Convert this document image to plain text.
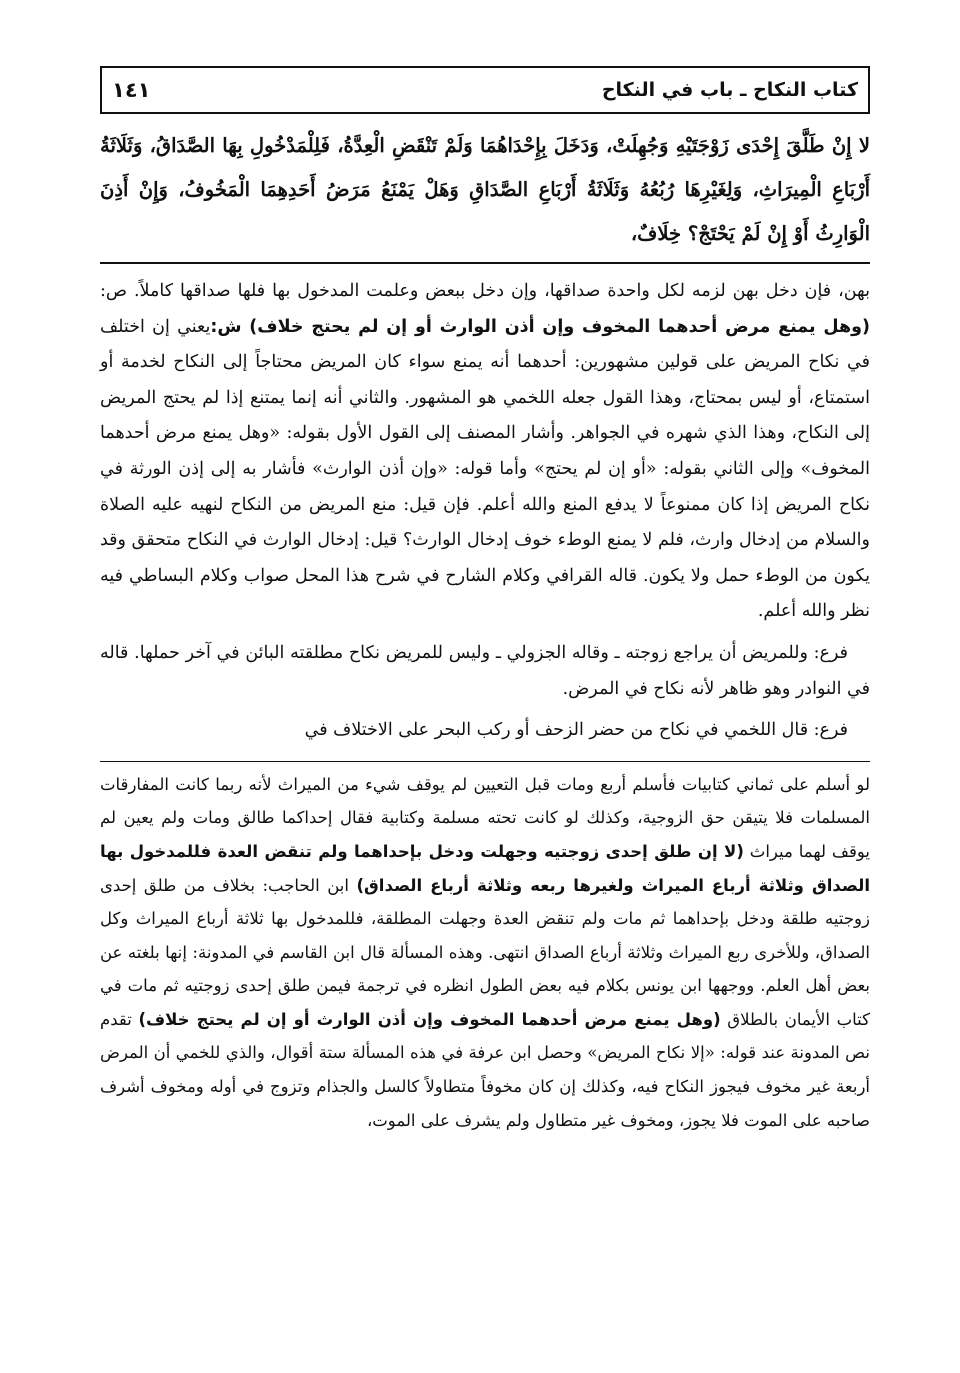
كتاب النكاح ـ باب في النكاح
١٤١
لا إِنْ طَلَّقَ إِحْدَى زَوْجَتَيْهِ وَجُهِلَتْ، وَدَخَلَ بِإِحْدَاهُمَا وَلَمْ تَنْقَضِ الْعِدَّةُ، فَلِلْمَدْخُولِ بِهَا الصَّدَاقُ، وَثَلَاثَةُ أَرْبَاعِ الْمِيرَاثِ، وَلِغَيْرِهَا رُبُعُهُ وَثَلَاثَةُ أَرْبَاعِ الصَّدَاقِ وَهَلْ يَمْنَعُ مَرَضُ أَحَدِهِمَا الْمَخُوفُ، وَإِنْ أَذِنَ الْوَارِثُ أَوْ إِنْ لَمْ يَحْتَجْ؟ خِلَافٌ،

بهن، فإن دخل بهن لزمه لكل واحدة صداقها، وإن دخل ببعض وعلمت المدخول بها فلها صداقها كاملاً. ص: (وهل يمنع مرض أحدهما المخوف وإن أذن الوارث أو إن لم يحتج خلاف) ش:يعني إن اختلف في نكاح المريض على قولين مشهورين: أحدهما أنه يمنع سواء كان المريض محتاجاً إلى النكاح لخدمة أو استمتاع، أو ليس بمحتاج، وهذا القول جعله اللخمي هو المشهور. والثاني أنه إنما يمتنع إذا لم يحتج المريض إلى النكاح، وهذا الذي شهره في الجواهر. وأشار المصنف إلى القول الأول بقوله: «وهل يمنع مرض أحدهما المخوف» وإلى الثاني بقوله: «أو إن لم يحتج» وأما قوله: «وإن أذن الوارث» فأشار به إلى إذن الورثة في نكاح المريض إذا كان ممنوعاً لا يدفع المنع والله أعلم. فإن قيل: منع المريض من النكاح لنهيه عليه الصلاة والسلام من إدخال وارث، فلم لا يمنع الوطء خوف إدخال الوارث؟ قيل: إدخال الوارث في النكاح متحقق وقد يكون من الوطء حمل ولا يكون. قاله القرافي وكلام الشارح في شرح هذا المحل صواب وكلام البساطي فيه نظر والله أعلم.

فرع: وللمريض أن يراجع زوجته ـ وقاله الجزولي ـ وليس للمريض نكاح مطلقته البائن في آخر حملها. قاله في النوادر وهو ظاهر لأنه نكاح في المرض.

فرع: قال اللخمي في نكاح من حضر الزحف أو ركب البحر على الاختلاف في

لو أسلم على ثماني كتابيات فأسلم أربع ومات قبل التعيين لم يوقف شيء من الميراث لأنه ربما كانت المفارقات المسلمات فلا يتيقن حق الزوجية، وكذلك لو كانت تحته مسلمة وكتابية فقال إحداكما طالق ومات ولم يعين لم يوقف لهما ميراث (لا إن طلق إحدى زوجتيه وجهلت ودخل بإحداهما ولم تنقض العدة فللمدخول بها الصداق وثلاثة أرباع الميراث ولغيرها ربعه وثلاثة أرباع الصداق) ابن الحاجب: بخلاف من طلق إحدى زوجتيه طلقة ودخل بإحداهما ثم مات ولم تنقض العدة وجهلت المطلقة، فللمدخول بها ثلاثة أرباع الميراث وكل الصداق، وللأخرى ربع الميراث وثلاثة أرباع الصداق انتهى. وهذه المسألة قال ابن القاسم في المدونة: إنها بلغته عن بعض أهل العلم. ووجهها ابن يونس بكلام فيه بعض الطول انظره في ترجمة فيمن طلق إحدى زوجتيه ثم مات في كتاب الأيمان بالطلاق (وهل يمنع مرض أحدهما المخوف وإن أذن الوارث أو إن لم يحتج خلاف) تقدم نص المدونة عند قوله: «إلا نكاح المريض» وحصل ابن عرفة في هذه المسألة ستة أقوال، والذي للخمي أن المرض أربعة غير مخوف فيجوز النكاح فيه، وكذلك إن كان مخوفاً متطاولاً كالسل والجذام وتزوج في أوله ومخوف أشرف صاحبه على الموت فلا يجوز، ومخوف غير متطاول ولم يشرف على الموت،
